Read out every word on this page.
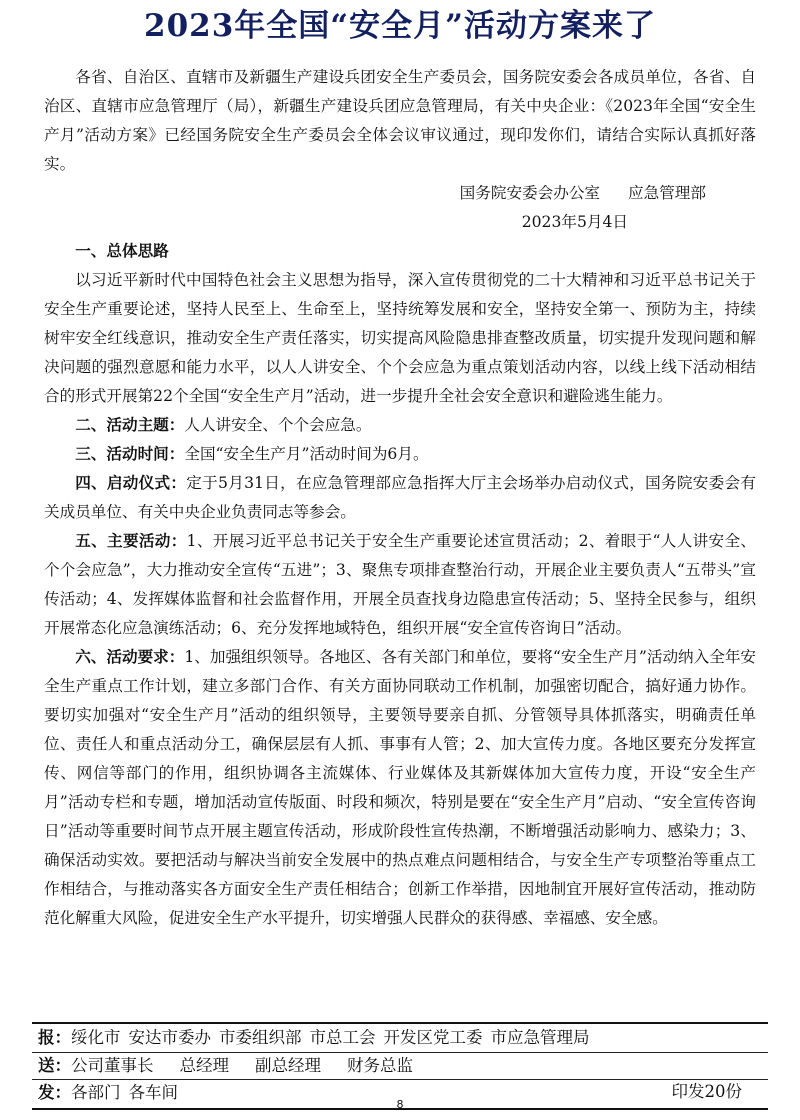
2023年全国“安全月”活动方案来了

各省、自治区、直辖市及新疆生产建设兵团安全生产委员会，国务院安委会各成员单位，各省、自治区、直辖市应急管理厅（局），新疆生产建设兵团应急管理局，有关中央企业：《2023年全国“安全生产月”活动方案》已经国务院安全生产委员会全体会议审议通过，现印发你们，请结合实际认真抓好落实。

国务院安委会办公室 应急管理部

2023年5月4日

一、总体思路

以习近平新时代中国特色社会主义思想为指导，深入宣传贯彻党的二十大精神和习近平总书记关于安全生产重要论述，坚持人民至上、生命至上，坚持统筹发展和安全，坚持安全第一、预防为主，持续树牢安全红线意识，推动安全生产责任落实，切实提高风险隐患排查整改质量，切实提升发现问题和解决问题的强烈意愿和能力水平，以人人讲安全、个个会应急为重点策划活动内容，以线上线下活动相结合的形式开展第22个全国“安全生产月”活动，进一步提升全社会安全意识和避险逃生能力。

二、活动主题：人人讲安全、个个会应急。

三、活动时间：全国“安全生产月”活动时间为6月。

四、启动仪式：定于5月31日，在应急管理部应急指挥大厅主会场举办启动仪式，国务院安委会有关成员单位、有关中央企业负责同志等参会。

五、主要活动：1、开展习近平总书记关于安全生产重要论述宣贯活动；2、着眼于“人人讲安全、个个会应急”，大力推动安全宣传“五进”；3、聚焦专项排查整治行动，开展企业主要负责人“五带头”宣传活动；4、发挥媒体监督和社会监督作用，开展全员查找身边隐患宣传活动；5、坚持全民参与，组织开展常态化应急演练活动；6、充分发挥地域特色，组织开展“安全宣传咨询日”活动。

六、活动要求：1、加强组织领导。各地区、各有关部门和单位，要将“安全生产月”活动纳入全年安全生产重点工作计划，建立多部门合作、有关方面协同联动工作机制，加强密切配合，搞好通力协作。要切实加强对“安全生产月”活动的组织领导，主要领导要亲自抓、分管领导具体抓落实，明确责任单位、责任人和重点活动分工，确保层层有人抓、事事有人管；2、加大宣传力度。各地区要充分发挥宣传、网信等部门的作用，组织协调各主流媒体、行业媒体及其新媒体加大宣传力度，开设“安全生产月”活动专栏和专题，增加活动宣传版面、时段和频次，特别是要在“安全生产月”启动、“安全宣传咨询日”活动等重要时间节点开展主题宣传活动，形成阶段性宣传热潮，不断增强活动影响力、感染力；3、确保活动实效。要把活动与解决当前安全发展中的热点难点问题相结合，与安全生产专项整治等重点工作相结合，与推动落实各方面安全生产责任相结合；创新工作举措，因地制宜开展好宣传活动，推动防范化解重大风险，促进安全生产水平提升，切实增强人民群众的获得感、幸福感、安全感。

报：绥化市 安达市委办 市委组织部 市总工会 开发区党工委 市应急管理局
送：公司董事长 总经理 副总经理 财务总监
发：各部门 各车间	印发20份
8
